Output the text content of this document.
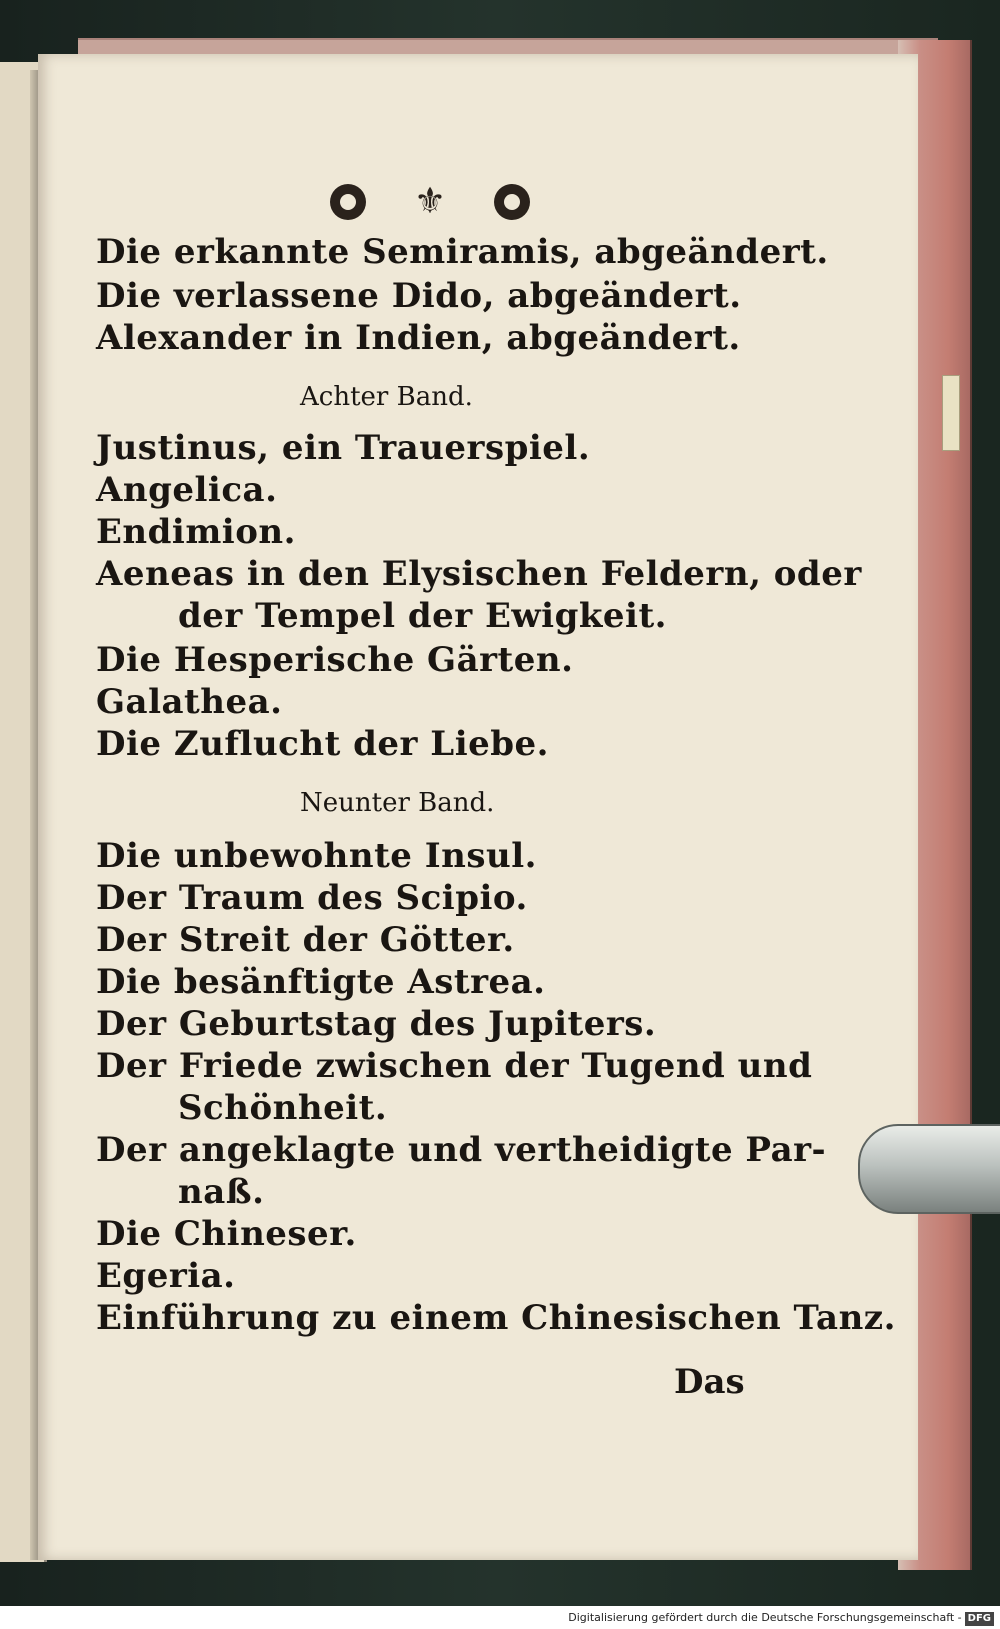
⚜
Die erkannte Semiramis, abgeändert.
Die verlassene Dido, abgeändert.
Alexander in Indien, abgeändert.
Achter Band.
Justinus, ein Trauerspiel.
Angelica.
Endimion.
Aeneas in den Elysischen Feldern, oder
der Tempel der Ewigkeit.
Die Hesperische Gärten.
Galathea.
Die Zuflucht der Liebe.
Neunter Band.
Die unbewohnte Insul.
Der Traum des Scipio.
Der Streit der Götter.
Die besänftigte Astrea.
Der Geburtstag des Jupiters.
Der Friede zwischen der Tugend und
Schönheit.
Der angeklagte und vertheidigte Par-
naß.
Die Chineser.
Egeria.
Einführung zu einem Chinesischen Tanz.
Das
Digitalisierung gefördert durch die Deutsche Forschungsgemeinschaft - DFG
